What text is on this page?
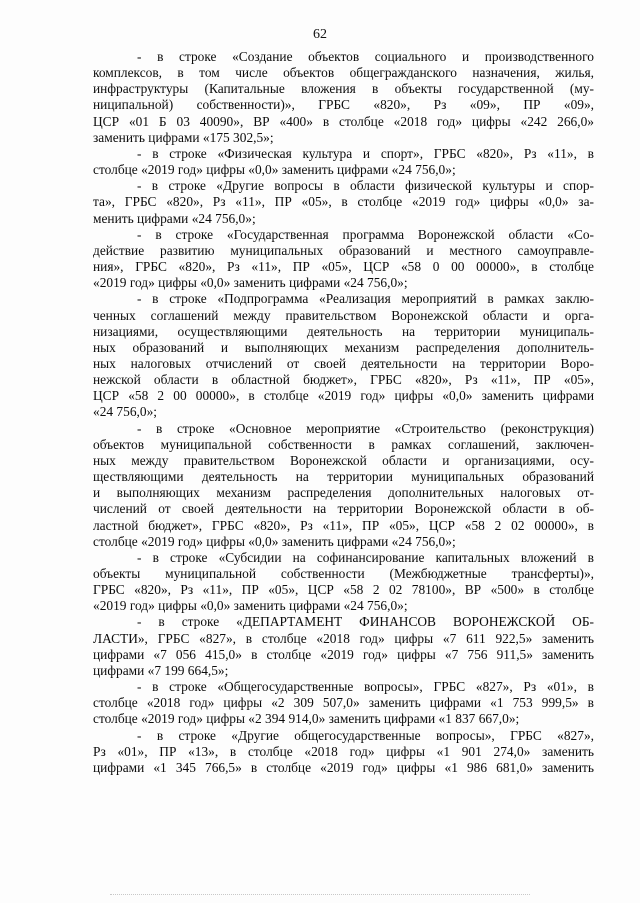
62

- в строке «Создание объектов социального и производственного
комплексов, в том числе объектов общегражданского назначения, жилья,
инфраструктуры (Капитальные вложения в объекты государственной (му-
ниципальной) собственности)», ГРБС «820», Рз «09», ПР «09»,
ЦСР «01 Б 03 40090», ВР «400» в столбце «2018 год» цифры «242 266,0»
заменить цифрами «175 302,5»;

- в строке «Физическая культура и спорт», ГРБС «820», Рз «11», в
столбце «2019 год» цифры «0,0» заменить цифрами «24 756,0»;

- в строке «Другие вопросы в области физической культуры и спор-
та», ГРБС «820», Рз «11», ПР «05», в столбце «2019 год» цифры «0,0» за-
менить цифрами «24 756,0»;

- в строке «Государственная программа Воронежской области «Со-
действие развитию муниципальных образований и местного самоуправле-
ния», ГРБС «820», Рз «11», ПР «05», ЦСР «58 0 00 00000», в столбце
«2019 год» цифры «0,0» заменить цифрами «24 756,0»;

- в строке «Подпрограмма «Реализация мероприятий в рамках заклю-
ченных соглашений между правительством Воронежской области и орга-
низациями, осуществляющими деятельность на территории муниципаль-
ных образований и выполняющих механизм распределения дополнитель-
ных налоговых отчислений от своей деятельности на территории Воро-
нежской области в областной бюджет», ГРБС «820», Рз «11», ПР «05»,
ЦСР «58 2 00 00000», в столбце «2019 год» цифры «0,0» заменить цифрами
«24 756,0»;

- в строке «Основное мероприятие «Строительство (реконструкция)
объектов муниципальной собственности в рамках соглашений, заключен-
ных между правительством Воронежской области и организациями, осу-
ществляющими деятельность на территории муниципальных образований
и выполняющих механизм распределения дополнительных налоговых от-
числений от своей деятельности на территории Воронежской области в об-
ластной бюджет», ГРБС «820», Рз «11», ПР «05», ЦСР «58 2 02 00000», в
столбце «2019 год» цифры «0,0» заменить цифрами «24 756,0»;

- в строке «Субсидии на софинансирование капитальных вложений в
объекты муниципальной собственности (Межбюджетные трансферты)»,
ГРБС «820», Рз «11», ПР «05», ЦСР «58 2 02 78100», ВР «500» в столбце
«2019 год» цифры «0,0» заменить цифрами «24 756,0»;

- в строке «ДЕПАРТАМЕНТ ФИНАНСОВ ВОРОНЕЖСКОЙ ОБ-
ЛАСТИ», ГРБС «827», в столбце «2018 год» цифры «7 611 922,5» заменить
цифрами «7 056 415,0» в столбце «2019 год» цифры «7 756 911,5» заменить
цифрами «7 199 664,5»;

- в строке «Общегосударственные вопросы», ГРБС «827», Рз «01», в
столбце «2018 год» цифры «2 309 507,0» заменить цифрами «1 753 999,5» в
столбце «2019 год» цифры «2 394 914,0» заменить цифрами «1 837 667,0»;

- в строке «Другие общегосударственные вопросы», ГРБС «827»,
Рз «01», ПР «13», в столбце «2018 год» цифры «1 901 274,0» заменить
цифрами «1 345 766,5» в столбце «2019 год» цифры «1 986 681,0» заменить
